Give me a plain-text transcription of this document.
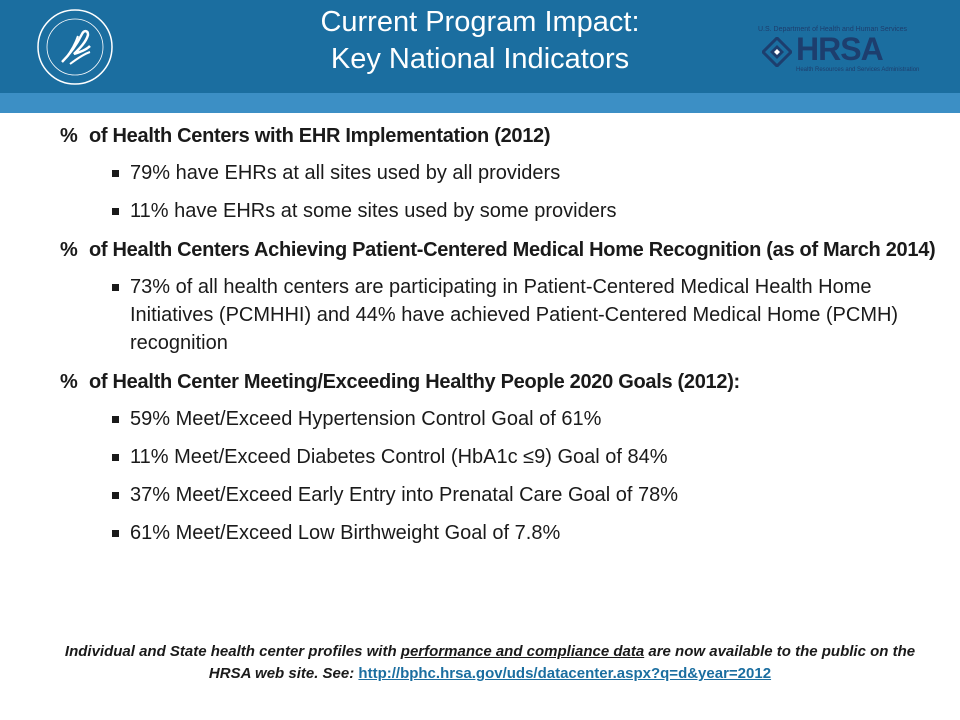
Current Program Impact:
Key National Indicators
U.S. Department of Health and Human Services
HRSA
Health Resources and Services Administration
% of Health Centers with EHR Implementation (2012)
79% have EHRs at all sites used by all providers
11% have EHRs at some sites used by some providers
% of Health Centers Achieving Patient-Centered Medical Home Recognition (as of March 2014)
73% of all health centers are participating in Patient-Centered Medical Health Home Initiatives (PCMHHI) and 44% have achieved Patient-Centered Medical Home (PCMH) recognition
% of Health Center Meeting/Exceeding Healthy People 2020 Goals (2012):
59% Meet/Exceed Hypertension Control Goal of 61%
11% Meet/Exceed Diabetes Control (HbA1c ≤9) Goal of 84%
37% Meet/Exceed Early Entry into Prenatal Care Goal of 78%
61% Meet/Exceed Low Birthweight Goal of 7.8%
Individual and State health center profiles with performance and compliance data are now available to the public on the HRSA web site. See: http://bphc.hrsa.gov/uds/datacenter.aspx?q=d&year=2012
